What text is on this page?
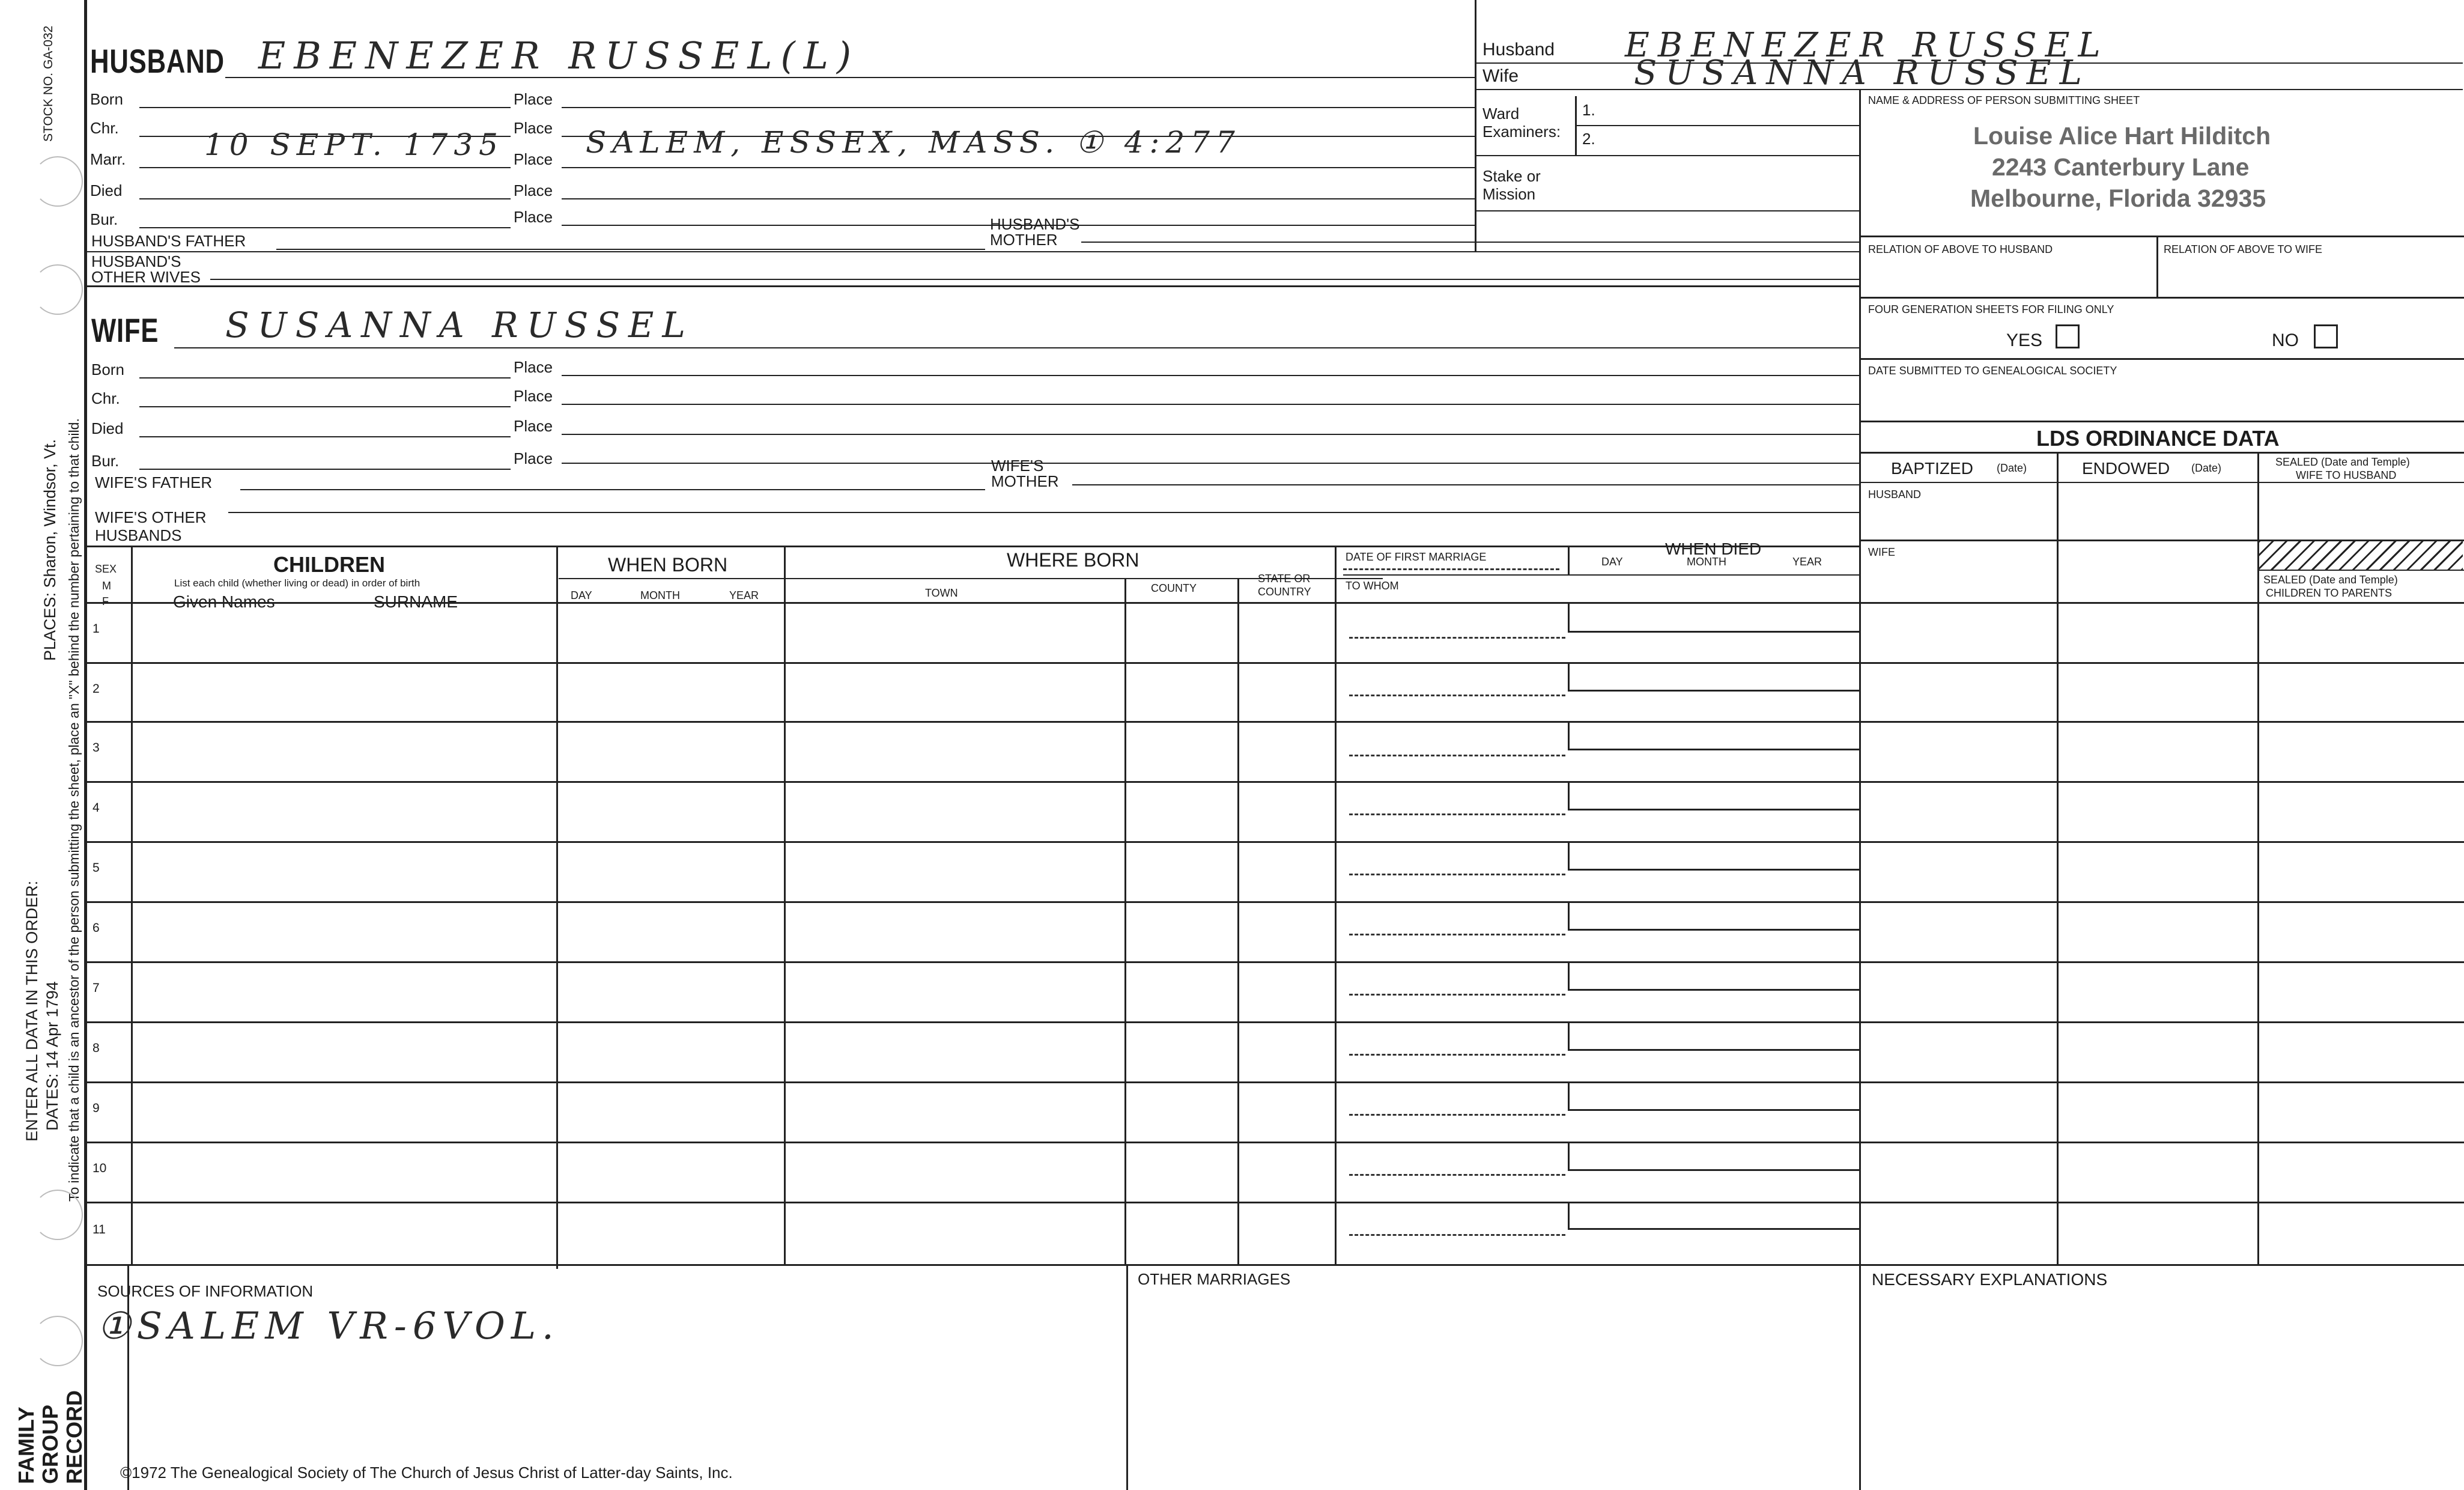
STOCK NO. GA-032
PLACES: Sharon, Windsor, Vt.
ENTER ALL DATA IN THIS ORDER: DATES: 14 Apr 1794 To indicate that a child is an ancestor of the person submitting the sheet, place an "X" behind the number pertaining to that child.
FAMILY GROUP RECORD
HUSBAND EBENEZER RUSSEL(L)
Born	Place
Chr.	Place
Marr.	10 SEPT. 1735 Place SALEM, ESSEX, MASS. ① 4:277
Died	Place
Bur.	Place
HUSBAND'S FATHER
HUSBAND'S
MOTHER
HUSBAND'S
OTHER WIVES
WIFE SUSANNA RUSSEL
Born	Place
Chr.	Place
Died	Place
Bur.	Place
WIFE'S FATHER
WIFE'S
MOTHER
WIFE'S OTHER
HUSBANDS
Husband EBENEZER RUSSEL
Wife	SUSANNA RUSSEL
Ward
Examiners:
1.
2.
Stake or
Mission
NAME & ADDRESS OF PERSON SUBMITTING SHEET
Louise Alice Hart Hilditch
2243 Canterbury Lane
Melbourne, Florida 32935
RELATION OF ABOVE TO HUSBAND	RELATION OF ABOVE TO WIFE
FOUR GENERATION SHEETS FOR FILING ONLY
YES	NO
DATE SUBMITTED TO GENEALOGICAL SOCIETY
LDS ORDINANCE DATA
BAPTIZED (Date)	ENDOWED (Date)	SEALED (Date and Temple)
WIFE TO HUSBAND
HUSBAND
WIFE
SEALED (Date and Temple)
CHILDREN TO PARENTS
SEX
M
F
CHILDREN
List each child (whether living or dead) in order of birth
Given Names	SURNAME
WHEN BORN
DAY	MONTH	YEAR
WHERE BORN
TOWN	COUNTY
STATE OR
COUNTRY
DATE OF FIRST MARRIAGE
TO WHOM
WHEN DIED
DAY	MONTH	YEAR
1
2
3
4
5
6
7
8
9
10
11
SOURCES OF INFORMATION
①SALEM VR-6VOL.
OTHER MARRIAGES	NECESSARY EXPLANATIONS
©1972 The Genealogical Society of The Church of Jesus Christ of Latter-day Saints, Inc.
